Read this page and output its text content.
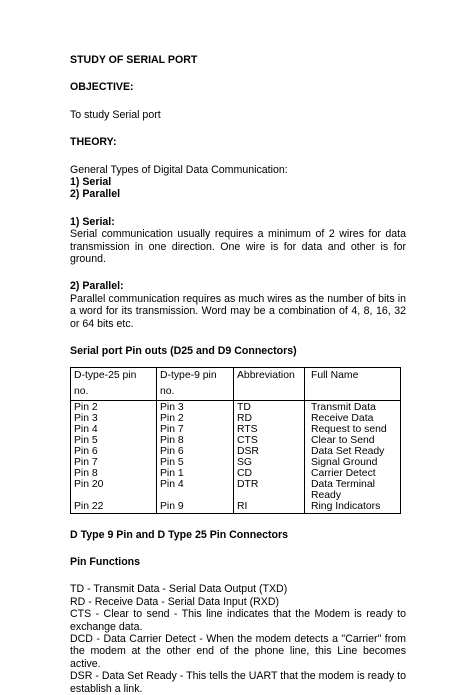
STUDY OF SERIAL PORT
OBJECTIVE:
To study Serial port
THEORY:
General Types of Digital Data Communication:
1) Serial
2) Parallel
1) Serial:
Serial communication usually requires a minimum of 2 wires for data transmission in one direction. One wire is for data and other is for ground.
2) Parallel:
Parallel communication requires as much wires as the number of bits in a word for its transmission. Word may be a combination of 4, 8, 16, 32 or 64 bits etc.
Serial port Pin outs (D25 and D9 Connectors)
D-type-25 pin no.	D-type-9 pin no.	Abbreviation	Full Name
Pin 2	Pin 3	TD	Transmit Data
Pin 3	Pin 2	RD	Receive Data
Pin 4	Pin 7	RTS	Request to send
Pin 5	Pin 8	CTS	Clear to Send
Pin 6	Pin 6	DSR	Data Set Ready
Pin 7	Pin 5	SG	Signal Ground
Pin 8	Pin 1	CD	Carrier Detect
Pin 20	Pin 4	DTR	Data Terminal Ready
Pin 22	Pin 9	RI	Ring Indicators
D Type 9 Pin and D Type 25 Pin Connectors
Pin Functions
TD - Transmit Data - Serial Data Output (TXD)
RD - Receive Data - Serial Data Input (RXD)
CTS - Clear to send - This line indicates that the Modem is ready to exchange data.
DCD - Data Carrier Detect - When the modem detects a "Carrier" from the modem at the other end of the phone line, this Line becomes active.
DSR - Data Set Ready - This tells the UART that the modem is ready to establish a link.
